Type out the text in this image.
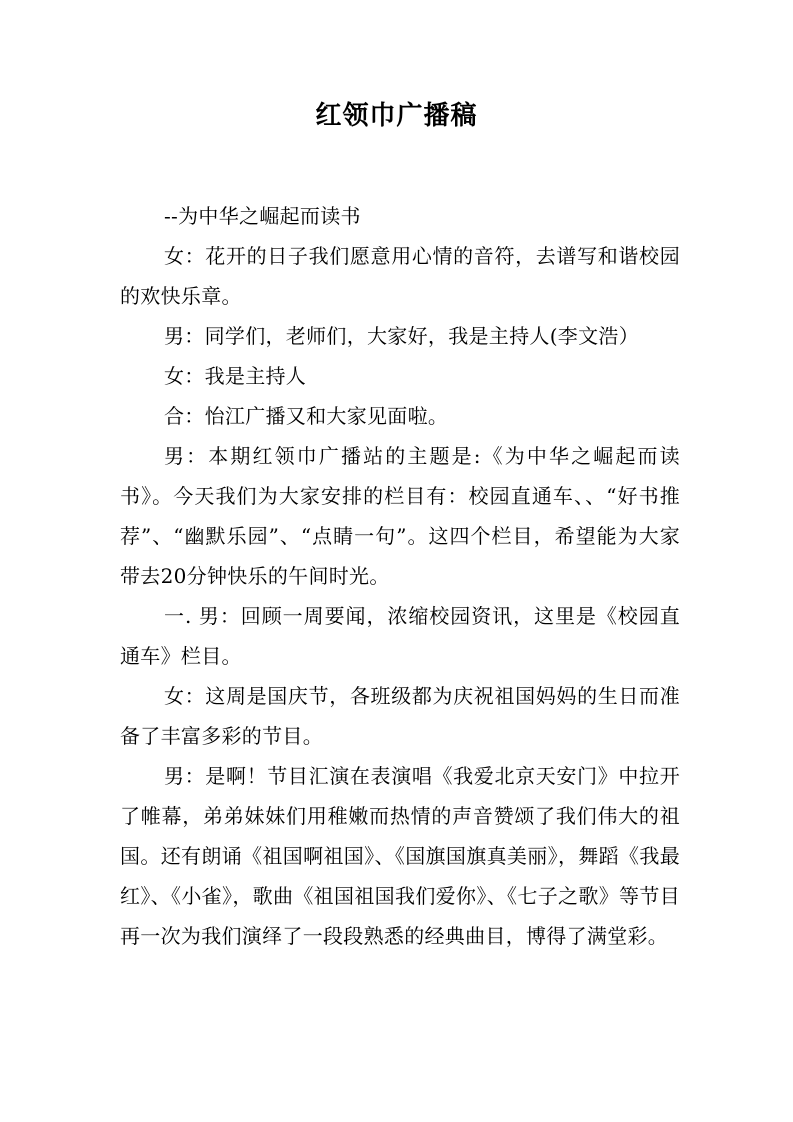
红领巾广播稿

--为中华之崛起而读书

女：花开的日子我们愿意用心情的音符，去谱写和谐校园的欢快乐章。

男：同学们，老师们，大家好，我是主持人(李文浩）

女：我是主持人

合：怡江广播又和大家见面啦。

男：本期红领巾广播站的主题是:《为中华之崛起而读书》。今天我们为大家安排的栏目有：校园直通车、、“好书推荐”、“幽默乐园”、“点睛一句”。这四个栏目，希望能为大家带去20分钟快乐的午间时光。

一. 男：回顾一周要闻，浓缩校园资讯，这里是《校园直通车》栏目。

女：这周是国庆节，各班级都为庆祝祖国妈妈的生日而准备了丰富多彩的节目。

男：是啊！节目汇演在表演唱《我爱北京天安门》中拉开了帷幕，弟弟妹妹们用稚嫩而热情的声音赞颂了我们伟大的祖国。还有朗诵《祖国啊祖国》、《国旗国旗真美丽》，舞蹈《我最红》、《小雀》，歌曲《祖国祖国我们爱你》、《七子之歌》等节目再一次为我们演绎了一段段熟悉的经典曲目，博得了满堂彩。
